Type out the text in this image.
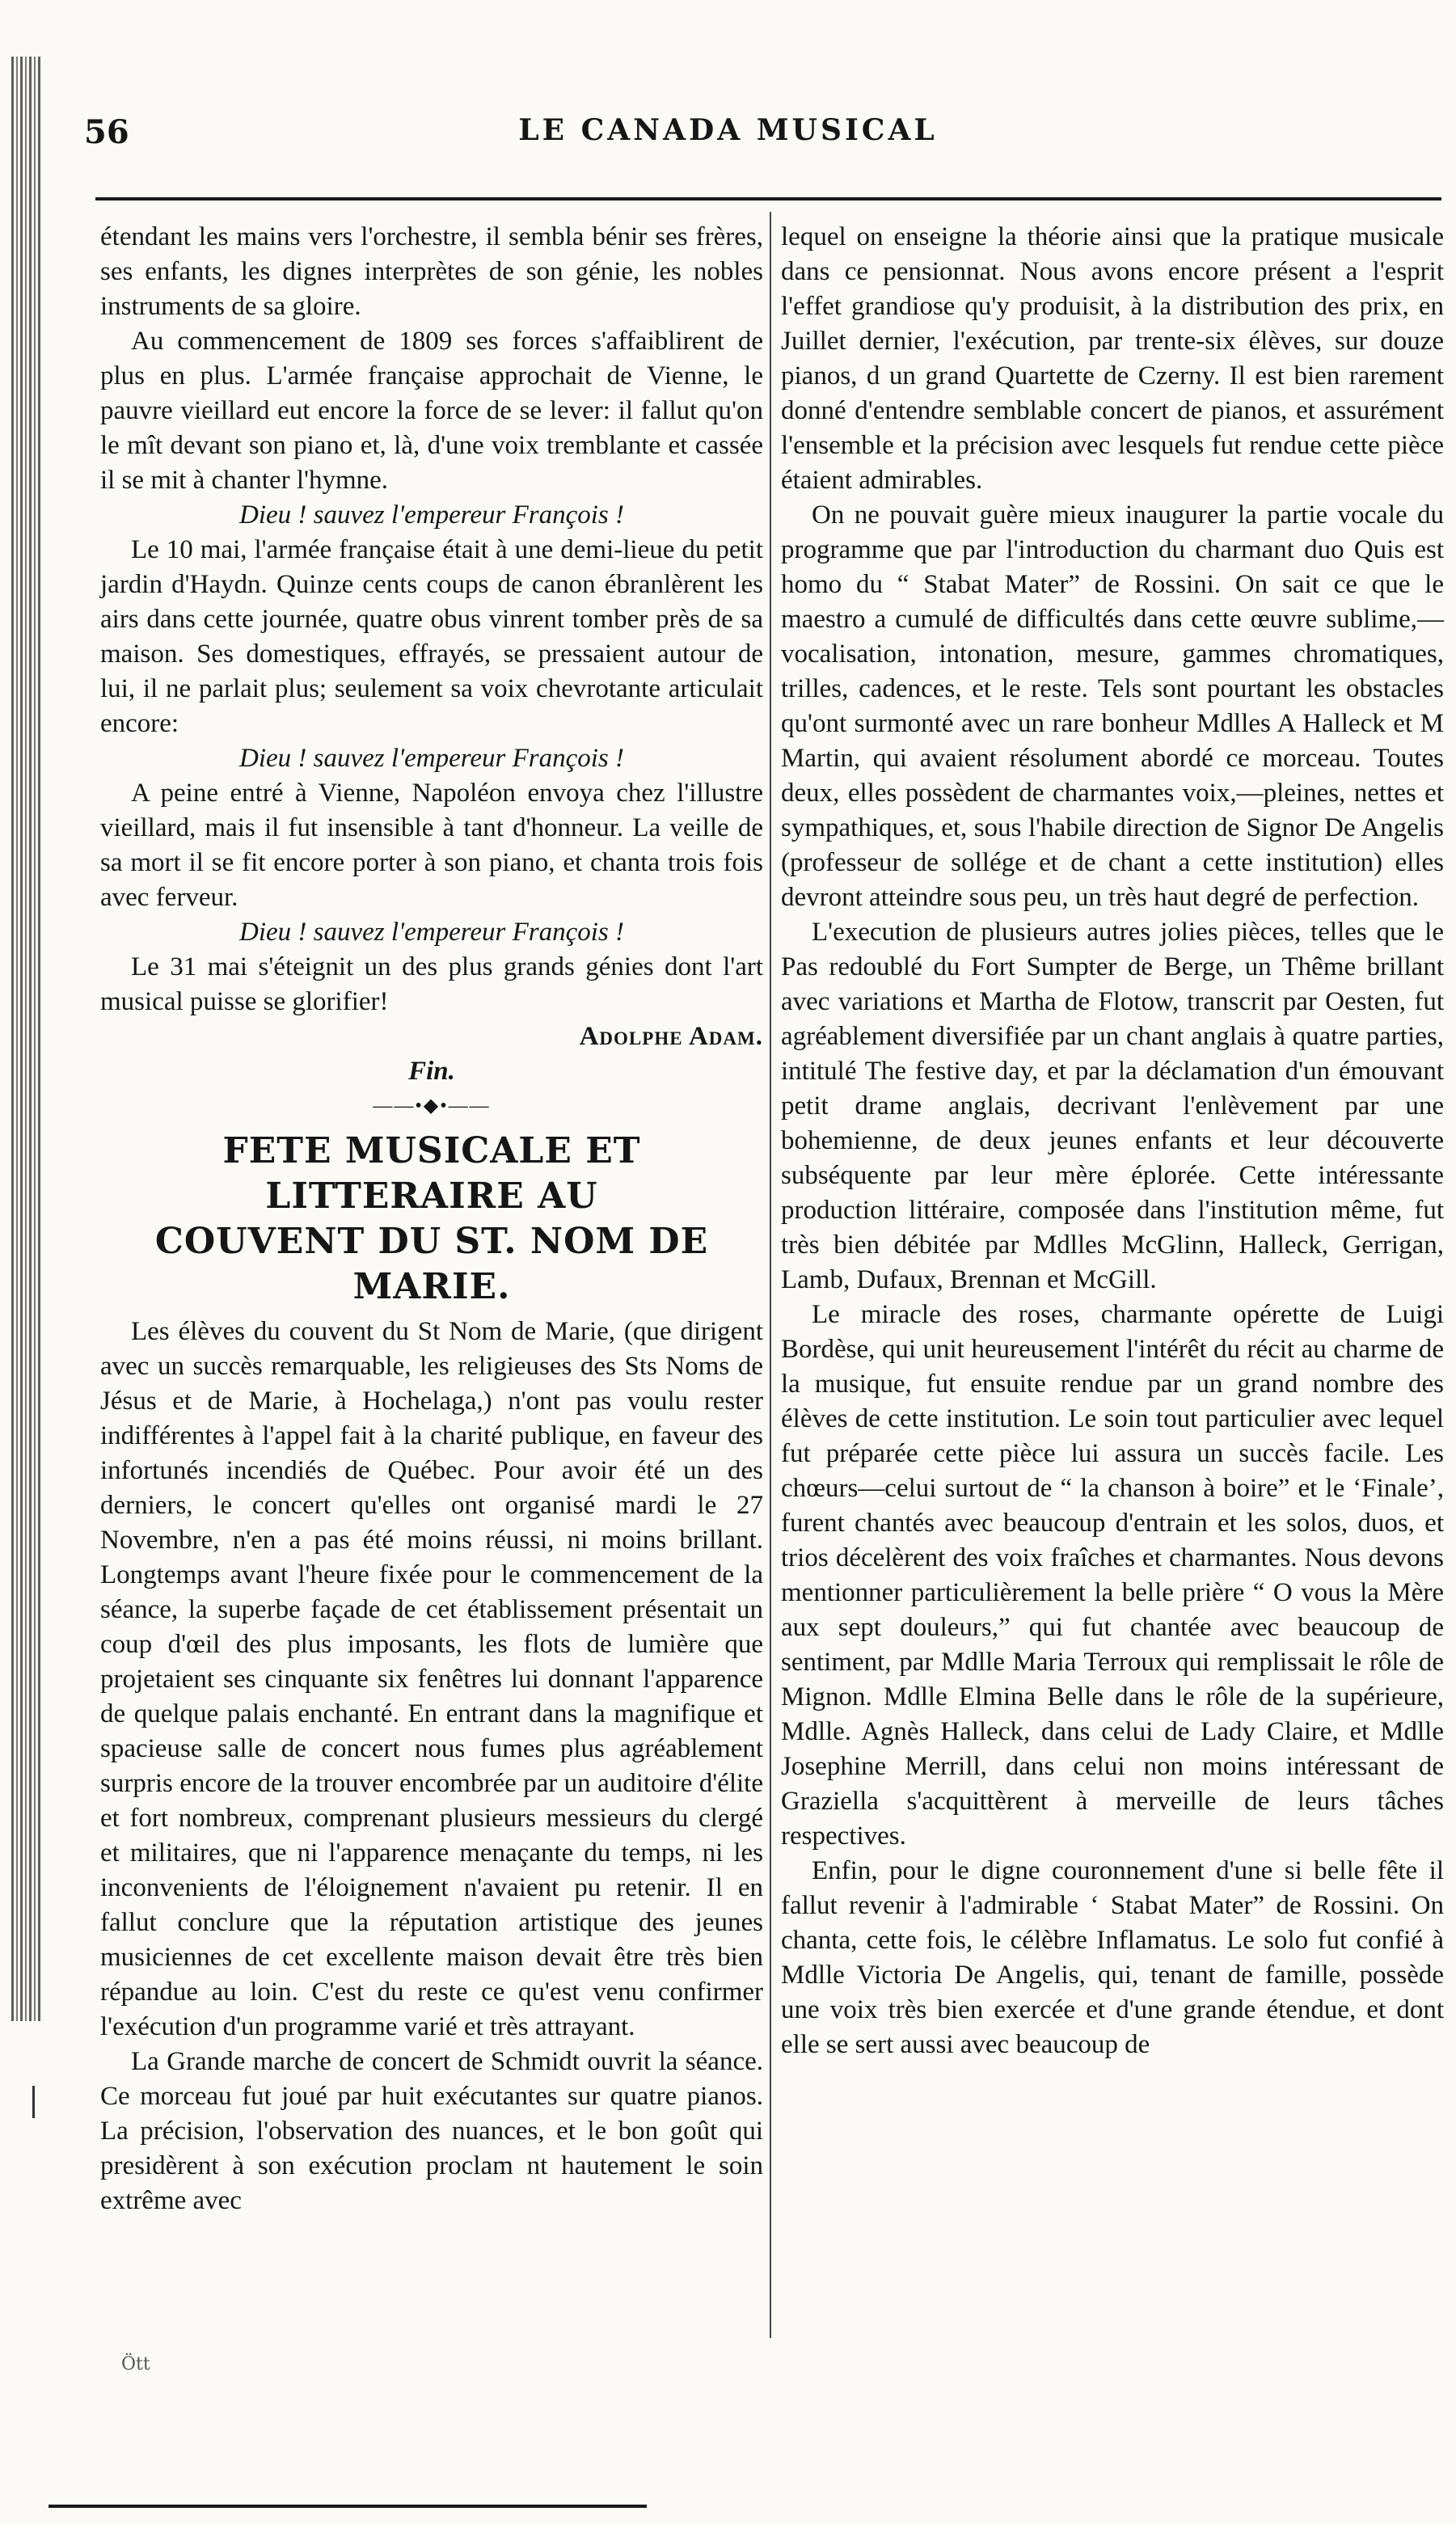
56	LE CANADA MUSICAL

étendant les mains vers l'orchestre, il sembla bénir ses frères, ses enfants, les dignes interprètes de son génie, les nobles instruments de sa gloire.

Au commencement de 1809 ses forces s'affaiblirent de plus en plus. L'armée française approchait de Vienne, le pauvre vieillard eut encore la force de se lever: il fallut qu'on le mît devant son piano et, là, d'une voix tremblante et cassée il se mit à chanter l'hymne.

Dieu ! sauvez l'empereur François !

Le 10 mai, l'armée française était à une demi-lieue du petit jardin d'Haydn. Quinze cents coups de canon ébranlèrent les airs dans cette journée, quatre obus vinrent tomber près de sa maison. Ses domestiques, effrayés, se pressaient autour de lui, il ne parlait plus; seulement sa voix chevrotante articulait encore:

Dieu ! sauvez l'empereur François !

A peine entré à Vienne, Napoléon envoya chez l'illustre vieillard, mais il fut insensible à tant d'honneur. La veille de sa mort il se fit encore porter à son piano, et chanta trois fois avec ferveur.

Dieu ! sauvez l'empereur François !

Le 31 mai s'éteignit un des plus grands génies dont l'art musical puisse se glorifier!

Adolphe Adam.

Fin.

——•◆•——

FETE MUSICALE ET LITTERAIRE AU
COUVENT DU ST. NOM DE MARIE.

Les élèves du couvent du St Nom de Marie, (que dirigent avec un succès remarquable, les religieuses des Sts Noms de Jésus et de Marie, à Hochelaga,) n'ont pas voulu rester indifférentes à l'appel fait à la charité publique, en faveur des infortunés incendiés de Québec. Pour avoir été un des derniers, le concert qu'elles ont organisé mardi le 27 Novembre, n'en a pas été moins réussi, ni moins brillant. Longtemps avant l'heure fixée pour le commencement de la séance, la superbe façade de cet établissement présentait un coup d'œil des plus imposants, les flots de lumière que projetaient ses cinquante six fenêtres lui donnant l'apparence de quelque palais enchanté. En entrant dans la magnifique et spacieuse salle de concert nous fumes plus agréablement surpris encore de la trouver encombrée par un auditoire d'élite et fort nombreux, comprenant plusieurs messieurs du clergé et militaires, que ni l'apparence menaçante du temps, ni les inconvenients de l'éloignement n'avaient pu retenir. Il en fallut conclure que la réputation artistique des jeunes musiciennes de cet excellente maison devait être très bien répandue au loin. C'est du reste ce qu'est venu confirmer l'exécution d'un programme varié et très attrayant.

La Grande marche de concert de Schmidt ouvrit la séance. Ce morceau fut joué par huit exécutantes sur quatre pianos. La précision, l'observation des nuances, et le bon goût qui presidèrent à son exécution proclam nt hautement le soin extrême avec

lequel on enseigne la théorie ainsi que la pratique musicale dans ce pensionnat. Nous avons encore présent a l'esprit l'effet grandiose qu'y produisit, à la distribution des prix, en Juillet dernier, l'exécution, par trente-six élèves, sur douze pianos, d un grand Quartette de Czerny. Il est bien rarement donné d'entendre semblable concert de pianos, et assurément l'ensemble et la précision avec lesquels fut rendue cette pièce étaient admirables.

On ne pouvait guère mieux inaugurer la partie vocale du programme que par l'introduction du charmant duo Quis est homo du “ Stabat Mater” de Rossini. On sait ce que le maestro a cumulé de difficultés dans cette œuvre sublime,— vocalisation, intonation, mesure, gammes chromatiques, trilles, cadences, et le reste. Tels sont pourtant les obstacles qu'ont surmonté avec un rare bonheur Mdlles A Halleck et M Martin, qui avaient résolument abordé ce morceau. Toutes deux, elles possèdent de charmantes voix,—pleines, nettes et sympathiques, et, sous l'habile direction de Signor De Angelis (professeur de sollége et de chant a cette institution) elles devront atteindre sous peu, un très haut degré de perfection.

L'execution de plusieurs autres jolies pièces, telles que le Pas redoublé du Fort Sumpter de Berge, un Thême brillant avec variations et Martha de Flotow, transcrit par Oesten, fut agréablement diversifiée par un chant anglais à quatre parties, intitulé The festive day, et par la déclamation d'un émouvant petit drame anglais, decrivant l'enlèvement par une bohemienne, de deux jeunes enfants et leur découverte subséquente par leur mère éplorée. Cette intéressante production littéraire, composée dans l'institution même, fut très bien débitée par Mdlles McGlinn, Halleck, Gerrigan, Lamb, Dufaux, Brennan et McGill.

Le miracle des roses, charmante opérette de Luigi Bordèse, qui unit heureusement l'intérêt du récit au charme de la musique, fut ensuite rendue par un grand nombre des élèves de cette institution. Le soin tout particulier avec lequel fut préparée cette pièce lui assura un succès facile. Les chœurs—celui surtout de “ la chanson à boire” et le ‘Finale’, furent chantés avec beaucoup d'entrain et les solos, duos, et trios décelèrent des voix fraîches et charmantes. Nous devons mentionner particulièrement la belle prière “ O vous la Mère aux sept douleurs,” qui fut chantée avec beaucoup de sentiment, par Mdlle Maria Terroux qui remplissait le rôle de Mignon. Mdlle Elmina Belle dans le rôle de la supérieure, Mdlle. Agnès Halleck, dans celui de Lady Claire, et Mdlle Josephine Merrill, dans celui non moins intéressant de Graziella s'acquittèrent à merveille de leurs tâches respectives.

Enfin, pour le digne couronnement d'une si belle fête il fallut revenir à l'admirable ‘ Stabat Mater” de Rossini. On chanta, cette fois, le célèbre Inflamatus. Le solo fut confié à Mdlle Victoria De Angelis, qui, tenant de famille, possède une voix très bien exercée et d'une grande étendue, et dont elle se sert aussi avec beaucoup de

Ött
